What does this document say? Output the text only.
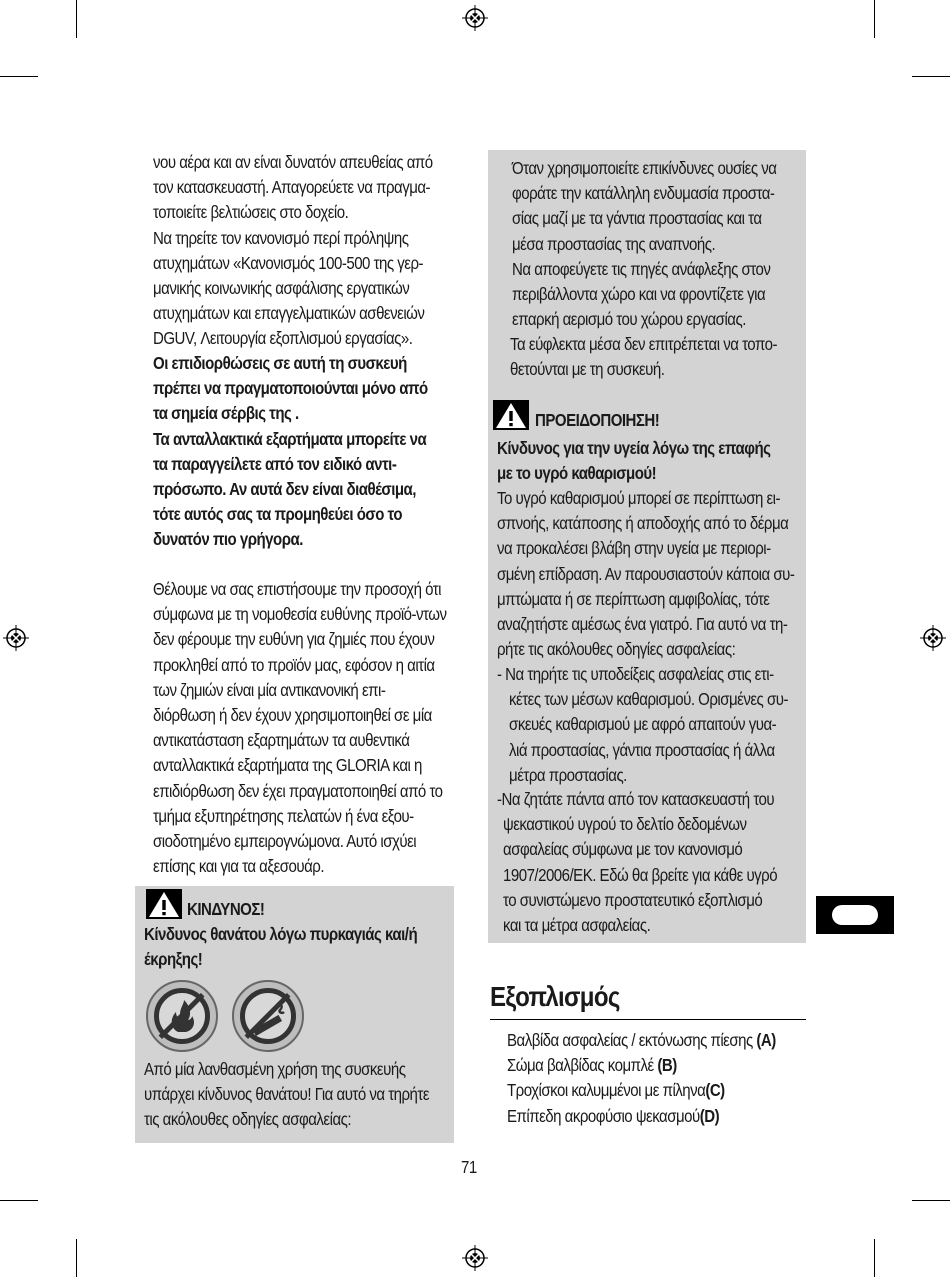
νου αέρα και αν είναι δυνατόν απευθείας από
τον κατασκευαστή. Απαγορεύετε να πραγμα-
τοποιείτε βελτιώσεις στο δοχείο.
Να τηρείτε τον κανονισμό περί πρόληψης
ατυχημάτων «Κανονισμός 100-500 της γερ-
μανικής κοινωνικής ασφάλισης εργατικών
ατυχημάτων και επαγγελματικών ασθενειών
DGUV, Λειτουργία εξοπλισμού εργασίας».
Οι επιδιορθώσεις σε αυτή τη συσκευή
πρέπει να πραγματοποιούνται μόνο από
τα σημεία σέρβις της .
Τα ανταλλακτικά εξαρτήματα μπορείτε να
τα παραγγείλετε από τον ειδικό αντι-
πρόσωπο. Αν αυτά δεν είναι διαθέσιμα,
τότε αυτός σας τα προμηθεύει όσο το
δυνατόν πιο γρήγορα.
Θέλουμε να σας επιστήσουμε την προσοχή ότι
σύμφωνα με τη νομοθεσία ευθύνης προϊό-ντων
δεν φέρουμε την ευθύνη για ζημιές που έχουν
προκληθεί από το προϊόν μας, εφόσον η αιτία
των ζημιών είναι μία αντικανονική επι-
διόρθωση ή δεν έχουν χρησιμοποιηθεί σε μία
αντικατάσταση εξαρτημάτων τα αυθεντικά
ανταλλακτικά εξαρτήματα της GLORIA και η
επιδιόρθωση δεν έχει πραγματοποιηθεί από το
τμήμα εξυπηρέτησης πελατών ή ένα εξου-
σιοδοτημένο εμπειρογνώμονα. Αυτό ισχύει
επίσης και για τα αξεσουάρ.
ΚΙΝΔΥΝΟΣ!
Κίνδυνος θανάτου λόγω πυρκαγιάς και/ή
έκρηξης!
Από μία λανθασμένη χρήση της συσκευής
υπάρχει κίνδυνος θανάτου! Για αυτό να τηρήτε
τις ακόλουθες οδηγίες ασφαλείας:
Όταν χρησιμοποιείτε επικίνδυνες ουσίες να
φοράτε την κατάλληλη ενδυμασία προστα-
σίας μαζί με τα γάντια προστασίας και τα
μέσα προστασίας της αναπνοής.
Να αποφεύγετε τις πηγές ανάφλεξης στον
περιβάλλοντα χώρο και να φροντίζετε για
επαρκή αερισμό του χώρου εργασίας.
Τα εύφλεκτα μέσα δεν επιτρέπεται να τοπο-
θετούνται με τη συσκευή.
ΠΡΟΕΙΔΟΠΟΙΗΣΗ!
Κίνδυνος για την υγεία λόγω της επαφής
με το υγρό καθαρισμού!
Το υγρό καθαρισμού μπορεί σε περίπτωση ει-
σπνοής, κατάποσης ή αποδοχής από το δέρμα
να προκαλέσει βλάβη στην υγεία με περιορι-
σμένη επίδραση. Αν παρουσιαστούν κάποια συ-
μπτώματα ή σε περίπτωση αμφιβολίας, τότε
αναζητήστε αμέσως ένα γιατρό. Για αυτό να τη-
ρήτε τις ακόλουθες οδηγίες ασφαλείας:
- Να τηρήτε τις υποδείξεις ασφαλείας στις ετι-
κέτες των μέσων καθαρισμού. Ορισμένες συ-
σκευές καθαρισμού με αφρό απαιτούν γυα-
λιά προστασίας, γάντια προστασίας ή άλλα
μέτρα προστασίας.
-Να ζητάτε πάντα από τον κατασκευαστή του
ψεκαστικού υγρού το δελτίο δεδομένων
ασφαλείας σύμφωνα με τον κανονισμό
1907/2006/ΕΚ. Εδώ θα βρείτε για κάθε υγρό
το συνιστώμενο προστατευτικό εξοπλισμό
και τα μέτρα ασφαλείας.
Εξοπλισμός
Βαλβίδα ασφαλείας / εκτόνωσης πίεσης (A)
Σώμα βαλβίδας κομπλέ (B)
Τροχίσκοι καλυμμένοι με πίληνα(C)
Επίπεδη ακροφύσιο ψεκασμού(D)
71
